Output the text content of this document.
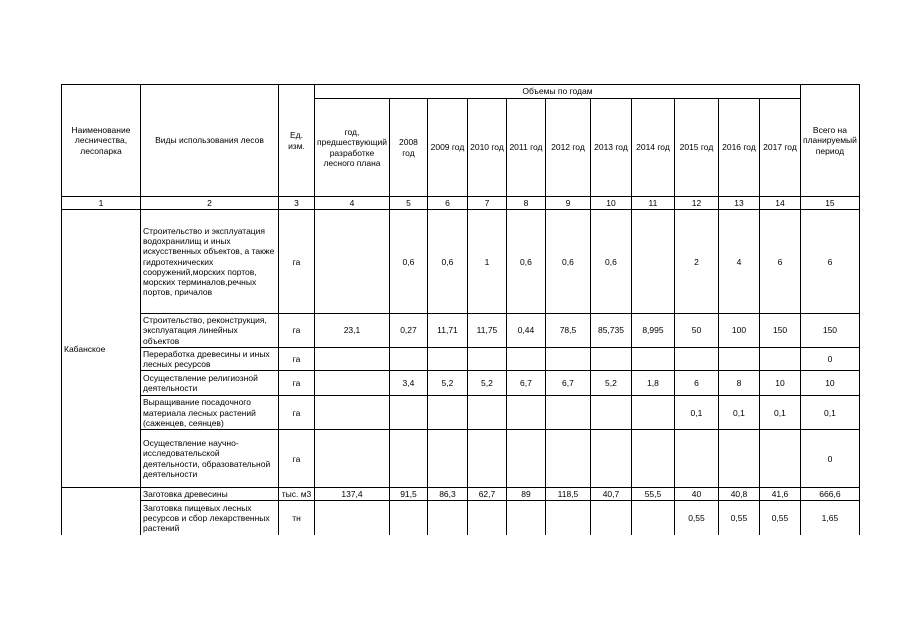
Наименование лесничества, лесопарка	Виды использования лесов	Ед. изм.	Объемы по годам											Всего на планируемый период
			год, предшествующий разработке лесного плана	2008 год	2009 год	2010 год	2011 год	2012 год	2013 год	2014 год	2015 год	2016 год	2017 год	
1	2	3	4	5	6	7	8	9	10	11	12	13	14	15
Кабанское	Строительство и эксплуатация водохранилищ и иных искусственных объектов, а также гидротехнических сооружений,морских портов, морских терминалов,речных портов, причалов	га		0,6	0,6	1	0,6	0,6	0,6		2	4	6	6
	Строительство, реконструкция, эксплуатация линейных объектов	га	23,1	0,27	11,71	11,75	0,44	78,5	85,735	8,995	50	100	150	150
	Переработка древесины и иных лесных ресурсов	га												0
	Осуществление религиозной деятельности	га		3,4	5,2	5,2	6,7	6,7	5,2	1,8	6	8	10	10
	Выращивание посадочного материала лесных растений (саженцев, сеянцев)	га									0,1	0,1	0,1	0,1
	Осуществление научно-исследовательской деятельности, образовательной деятельности	га												0
	Заготовка древесины	тыс. м3	137,4	91,5	86,3	62,7	89	118,5	40,7	55,5	40	40,8	41,6	666,6
	Заготовка пищевых лесных ресурсов и сбор лекарственных растений	тн									0,55	0,55	0,55	1,65
